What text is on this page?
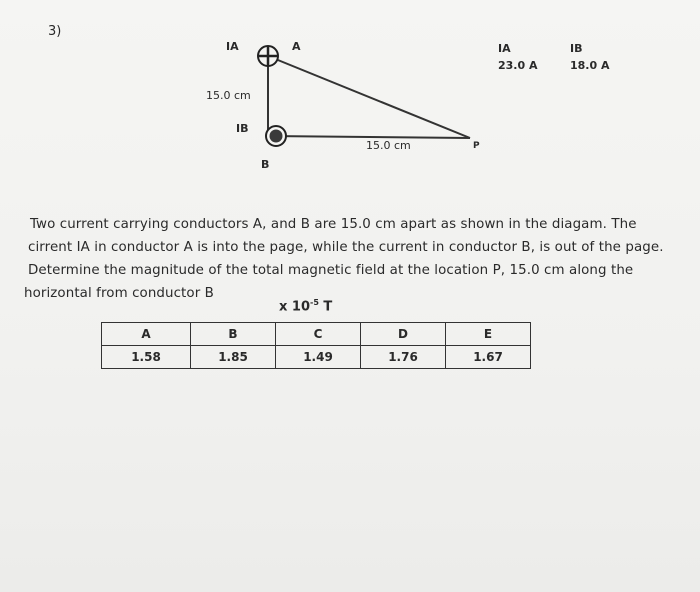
3)
IA	A
15.0 cm
IB
B
15.0 cm	P
IA
23.0 A
IB
18.0 A
Two current carrying conductors A, and B are 15.0 cm apart as shown in the diagam. The
cirrent IA in conductor A is into the page, while the current in conductor B, is out of the page.
Determine the magnitude of the total magnetic field at the location P, 15.0 cm along the
horizontal from conductor B
x $10^{-5}$ T
A	B	C	D	E
1.58	1.85	1.49	1.76	1.67
